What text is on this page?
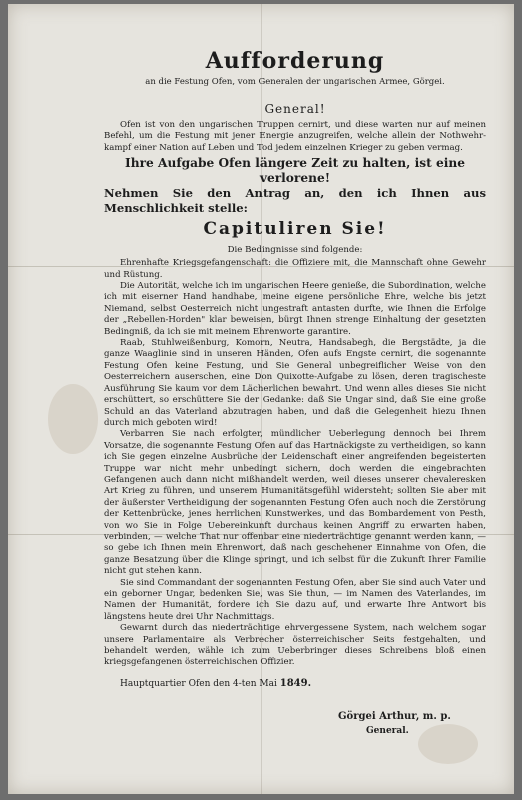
Aufforderung
an die Festung Ofen, vom Generalen der ungarischen Armee, Görgei.
General!

Ofen ist von den ungarischen Truppen cernirt, und diese warten nur auf meinen Befehl, um die Festung mit jener Energie anzugreifen, welche allein der Nothwehr-kampf einer Nation auf Leben und Tod jedem einzelnen Krieger zu geben vermag.

Ihre Aufgabe Ofen längere Zeit zu halten, ist eine verlorene!

Nehmen Sie den Antrag an, den ich Ihnen aus Menschlichkeit stelle:

Capituliren Sie!
Die Bedingnisse sind folgende:

Ehrenhafte Kriegsgefangenschaft: die Offiziere mit, die Mannschaft ohne Gewehr und Rüstung.

Die Autorität, welche ich im ungarischen Heere genieße, die Subordination, welche ich mit eiserner Hand handhabe, meine eigene persönliche Ehre, welche bis jetzt Niemand, selbst Oesterreich nicht ungestraft antasten durfte, wie Ihnen die Erfolge der „Rebellen-Horden" klar beweisen, bürgt Ihnen strenge Einhaltung der gesetzten Bedingniß, da ich sie mit meinem Ehrenworte garantire.

Raab, Stuhlweißenburg, Komorn, Neutra, Handsabegh, die Bergstädte, ja die ganze Waaglinie sind in unseren Händen, Ofen aufs Engste cernirt, die sogenannte Festung Ofen keine Festung, und Sie General unbegreiflicher Weise von den Oesterreichern auserschen, eine Don Quixotte-Aufgabe zu lösen, deren tragischeste Ausführung Sie kaum vor dem Lächerlichen bewahrt. Und wenn alles dieses Sie nicht erschüttert, so erschüttere Sie der Gedanke: daß Sie Ungar sind, daß Sie eine große Schuld an das Vaterland abzutragen haben, und daß die Gelegenheit hiezu Ihnen durch mich geboten wird!

Verbarren Sie nach erfolgter, mündlicher Ueberlegung dennoch bei Ihrem Vorsatze, die sogenannte Festung Ofen auf das Hartnäckigste zu vertheidigen, so kann ich Sie gegen einzelne Ausbrüche der Leidenschaft einer angreifenden begeisterten Truppe war nicht mehr unbedingt sichern, doch werden die eingebrachten Gefangenen auch dann nicht mißhandelt werden, weil dieses unserer chevaleresken Art Krieg zu führen, und unserem Humanitätsgefühl widersteht; sollten Sie aber mit der äußerster Vertheidigung der sogenannten Festung Ofen auch noch die Zerstörung der Kettenbrücke, jenes herrlichen Kunstwerkes, und das Bombardement von Pesth, von wo Sie in Folge Uebereinkunft durchaus keinen Angriff zu erwarten haben, verbinden, — welche That nur offenbar eine niederträchtige genannt werden kann, — so gebe ich Ihnen mein Ehrenwort, daß nach geschehener Einnahme von Ofen, die ganze Besatzung über die Klinge springt, und ich selbst für die Zukunft Ihrer Familie nicht gut stehen kann.

Sie sind Commandant der sogenannten Festung Ofen, aber Sie sind auch Vater und ein geborner Ungar, bedenken Sie, was Sie thun, — im Namen des Vaterlandes, im Namen der Humanität, fordere ich Sie dazu auf, und erwarte Ihre Antwort bis längstens heute drei Uhr Nachmittags.

Gewarnt durch das niederträchtige ehrvergessene System, nach welchem sogar unsere Parlamentaire als Verbrecher österreichischer Seits festgehalten, und behandelt werden, wähle ich zum Ueberbringer dieses Schreibens bloß einen kriegsgefangenen österreichischen Offizier.

Hauptquartier Ofen den 4-ten Mai 1849.
Görgei Arthur, m. p.
General.
